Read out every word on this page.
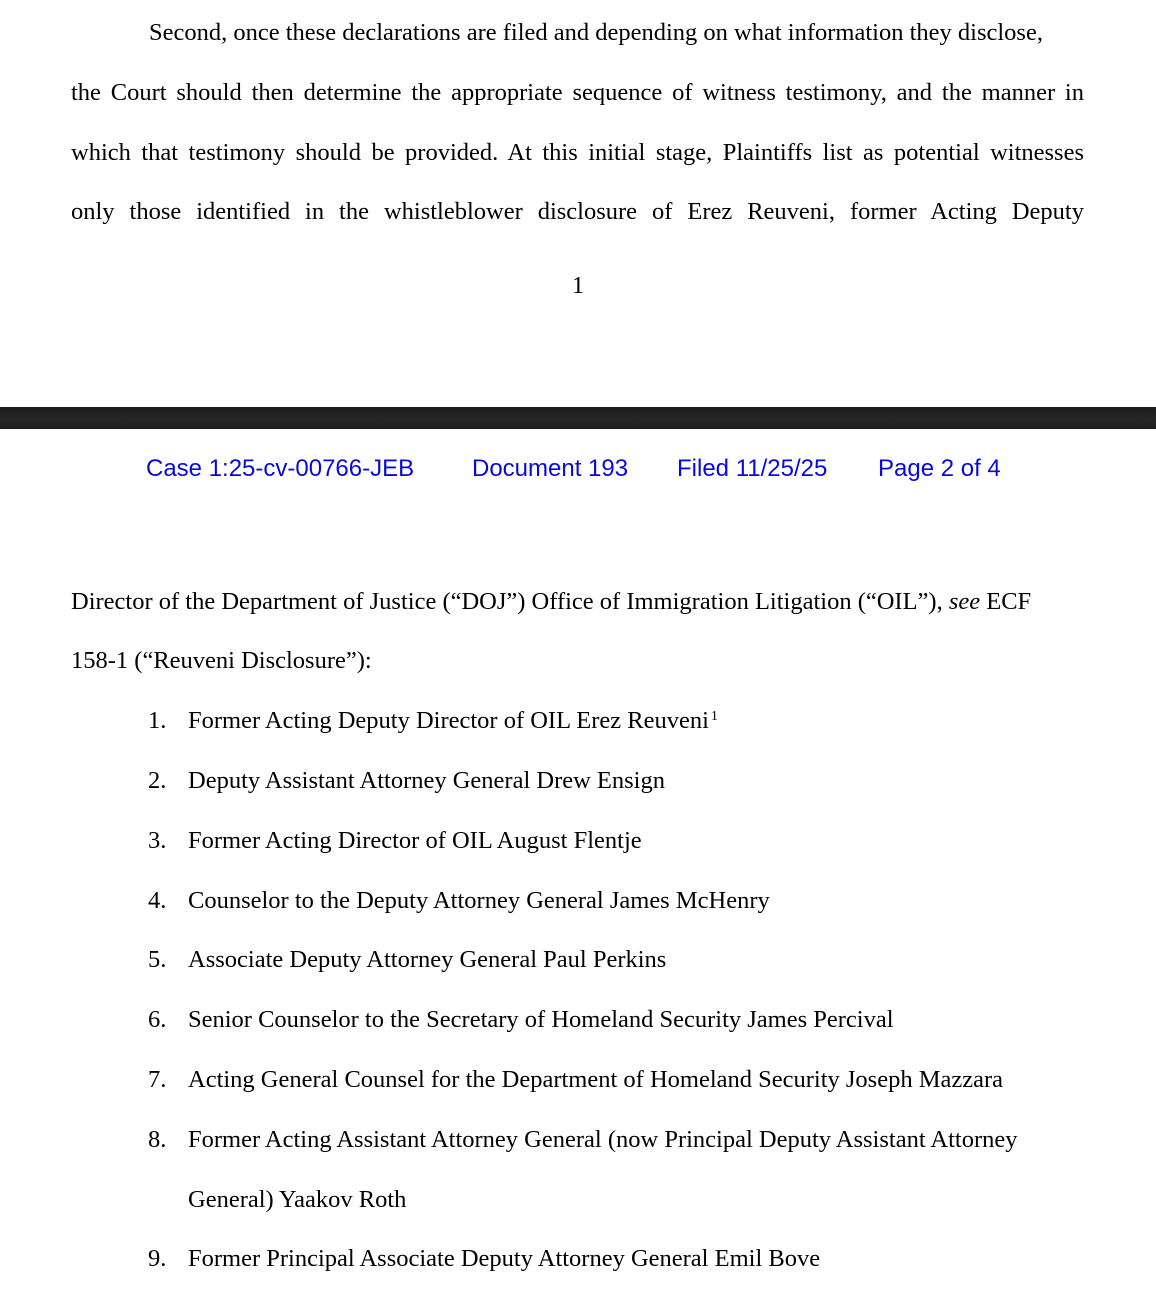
Second, once these declarations are filed and depending on what information they disclose,
the Court should then determine the appropriate sequence of witness testimony, and the manner in
which that testimony should be provided. At this initial stage, Plaintiffs list as potential witnesses
only those identified in the whistleblower disclosure of Erez Reuveni, former Acting Deputy
1
Case 1:25-cv-00766-JEB Document 193 Filed 11/25/25 Page 2 of 4
Director of the Department of Justice (“DOJ”) Office of Immigration Litigation (“OIL”), see ECF
158-1 (“Reuveni Disclosure”):
1. Former Acting Deputy Director of OIL Erez Reuveni $^1$
2. Deputy Assistant Attorney General Drew Ensign
3. Former Acting Director of OIL August Flentje
4. Counselor to the Deputy Attorney General James McHenry
5. Associate Deputy Attorney General Paul Perkins
6. Senior Counselor to the Secretary of Homeland Security James Percival
7. Acting General Counsel for the Department of Homeland Security Joseph Mazzara
8. Former Acting Assistant Attorney General (now Principal Deputy Assistant Attorney
General) Yaakov Roth
9. Former Principal Associate Deputy Attorney General Emil Bove
